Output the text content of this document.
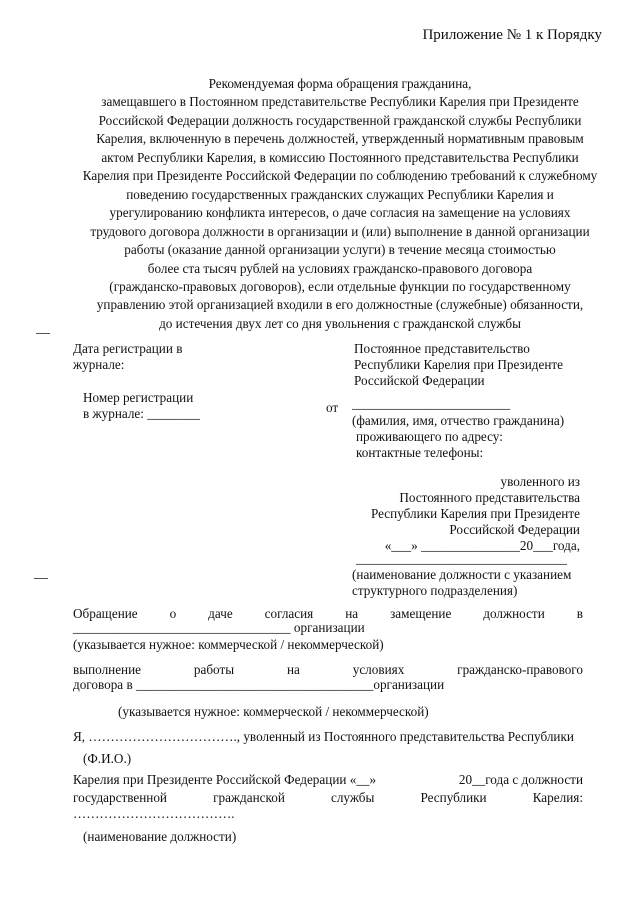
Приложение № 1 к Порядку
Рекомендуемая форма обращения гражданина,
замещавшего в Постоянном представительстве Республики Карелия при Президенте
Российской Федерации должность государственной гражданской службы Республики
Карелия, включенную в перечень должностей, утвержденный нормативным правовым
актом Республики Карелия, в комиссию Постоянного представительства Республики
Карелия при Президенте Российской Федерации по соблюдению требований к служебному
поведению государственных гражданских служащих Республики Карелия и
урегулированию конфликта интересов, о даче согласия на замещение на условиях
трудового договора должности в организации и (или) выполнение в данной организации
работы (оказание данной организации услуги) в течение месяца стоимостью
более ста тысяч рублей на условиях гражданско-правового договора
(гражданско-правовых договоров), если отдельные функции по государственному
управлению этой организацией входили в его должностные (служебные) обязанности,
до истечения двух лет со дня увольнения с гражданской службы
Дата регистрации в
журнале:
Номер регистрации
в журнале: ________
Постоянное представительство
Республики Карелия при Президенте
Российской Федерации
от ________________________
(фамилия, имя, отчество гражданина)
проживающего по адресу:
контактные телефоны:
уволенного из
Постоянного представительства
Республики Карелия при Президенте
Российской Федерации
«___» _______________20___года,
________________________________
(наименование должности с указанием
структурного подразделения)
Обращение о даче согласия на замещение должности в
_________________________________ организации
(указывается нужное: коммерческой / некоммерческой)
выполнение	работы	на	условиях	гражданско-правового
договора в ____________________________________организации
(указывается нужное: коммерческой / некоммерческой)
Я, ……………………………., уволенный из Постоянного представительства Республики
(Ф.И.О.)
Карелия при Президенте Российской Федерации «__»	20__года с должности
государственной	гражданской	службы	Республики	Карелия:
……………………………….
(наименование должности)
